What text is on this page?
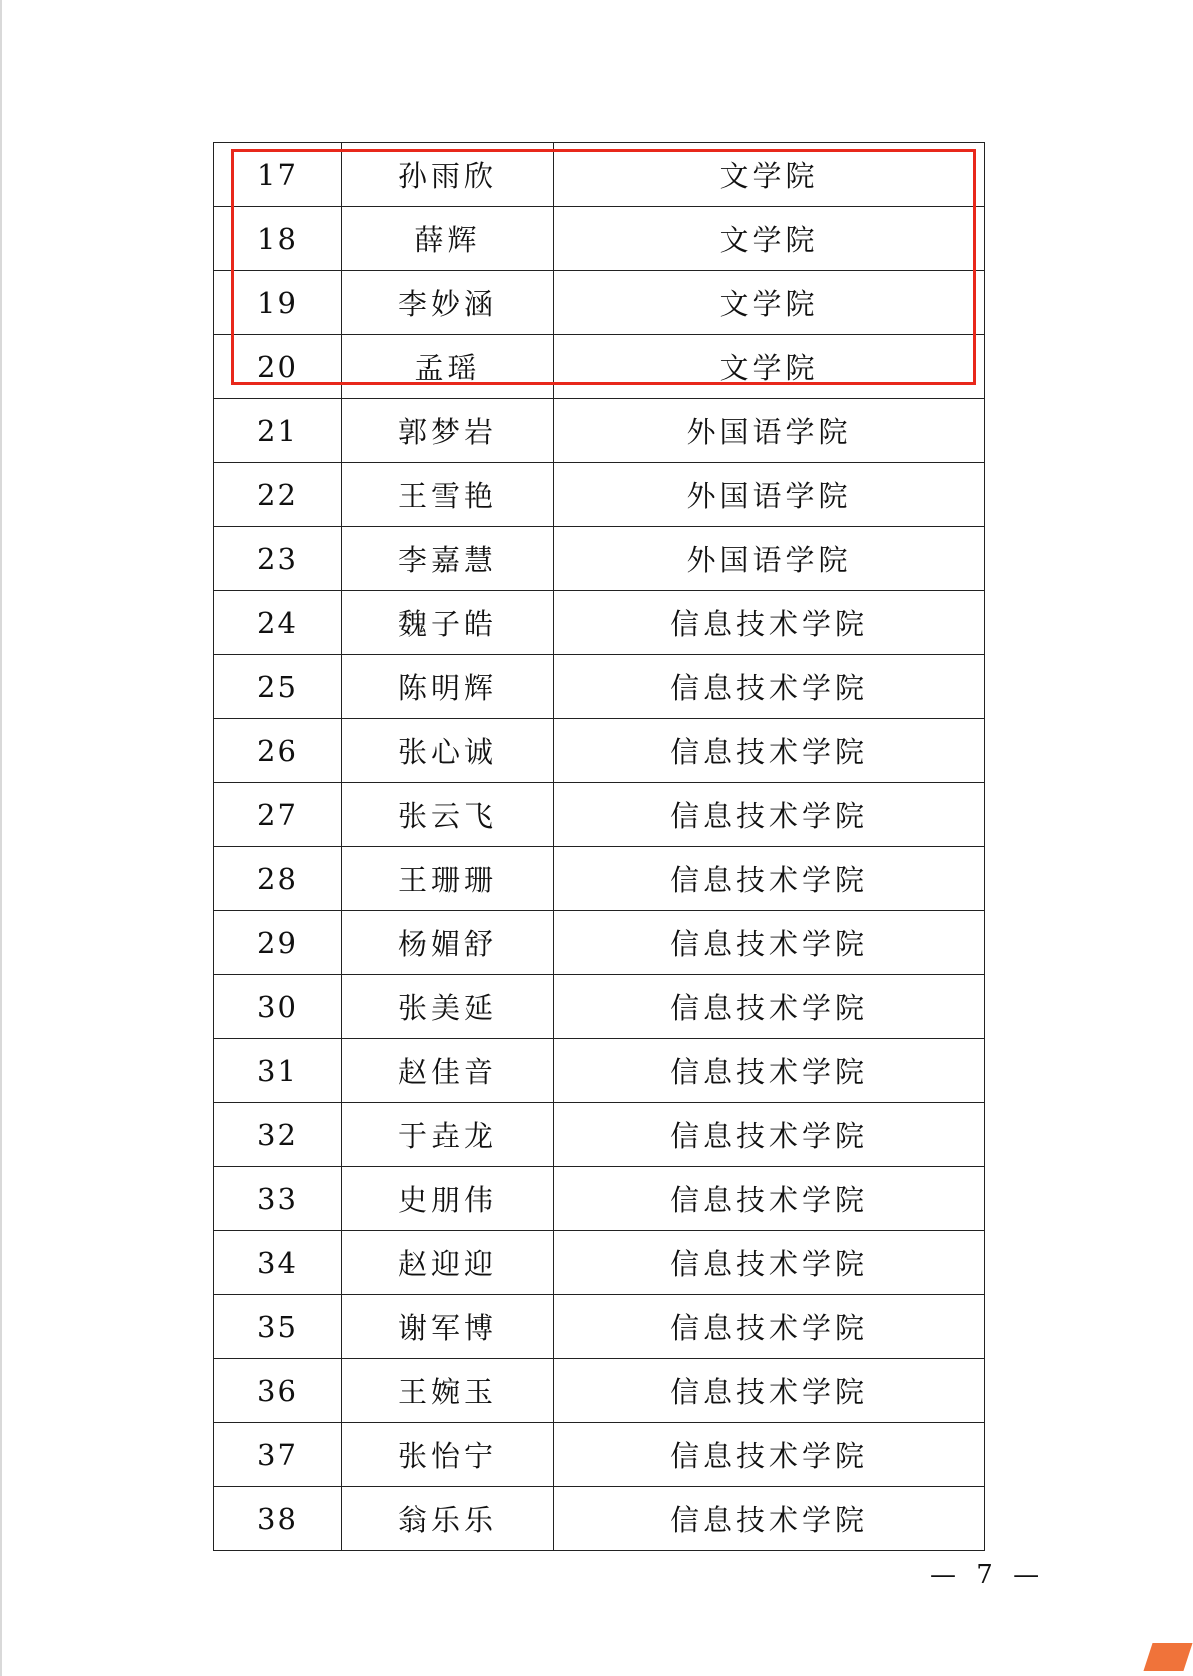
17	孙雨欣	文学院
18	薛辉	文学院
19	李妙涵	文学院
20	孟瑶	文学院
21	郭梦岩	外国语学院
22	王雪艳	外国语学院
23	李嘉慧	外国语学院
24	魏子皓	信息技术学院
25	陈明辉	信息技术学院
26	张心诚	信息技术学院
27	张云飞	信息技术学院
28	王珊珊	信息技术学院
29	杨媚舒	信息技术学院
30	张美延	信息技术学院
31	赵佳音	信息技术学院
32	于垚龙	信息技术学院
33	史朋伟	信息技术学院
34	赵迎迎	信息技术学院
35	谢军博	信息技术学院
36	王婉玉	信息技术学院
37	张怡宁	信息技术学院
38	翁乐乐	信息技术学院
— 7 —
